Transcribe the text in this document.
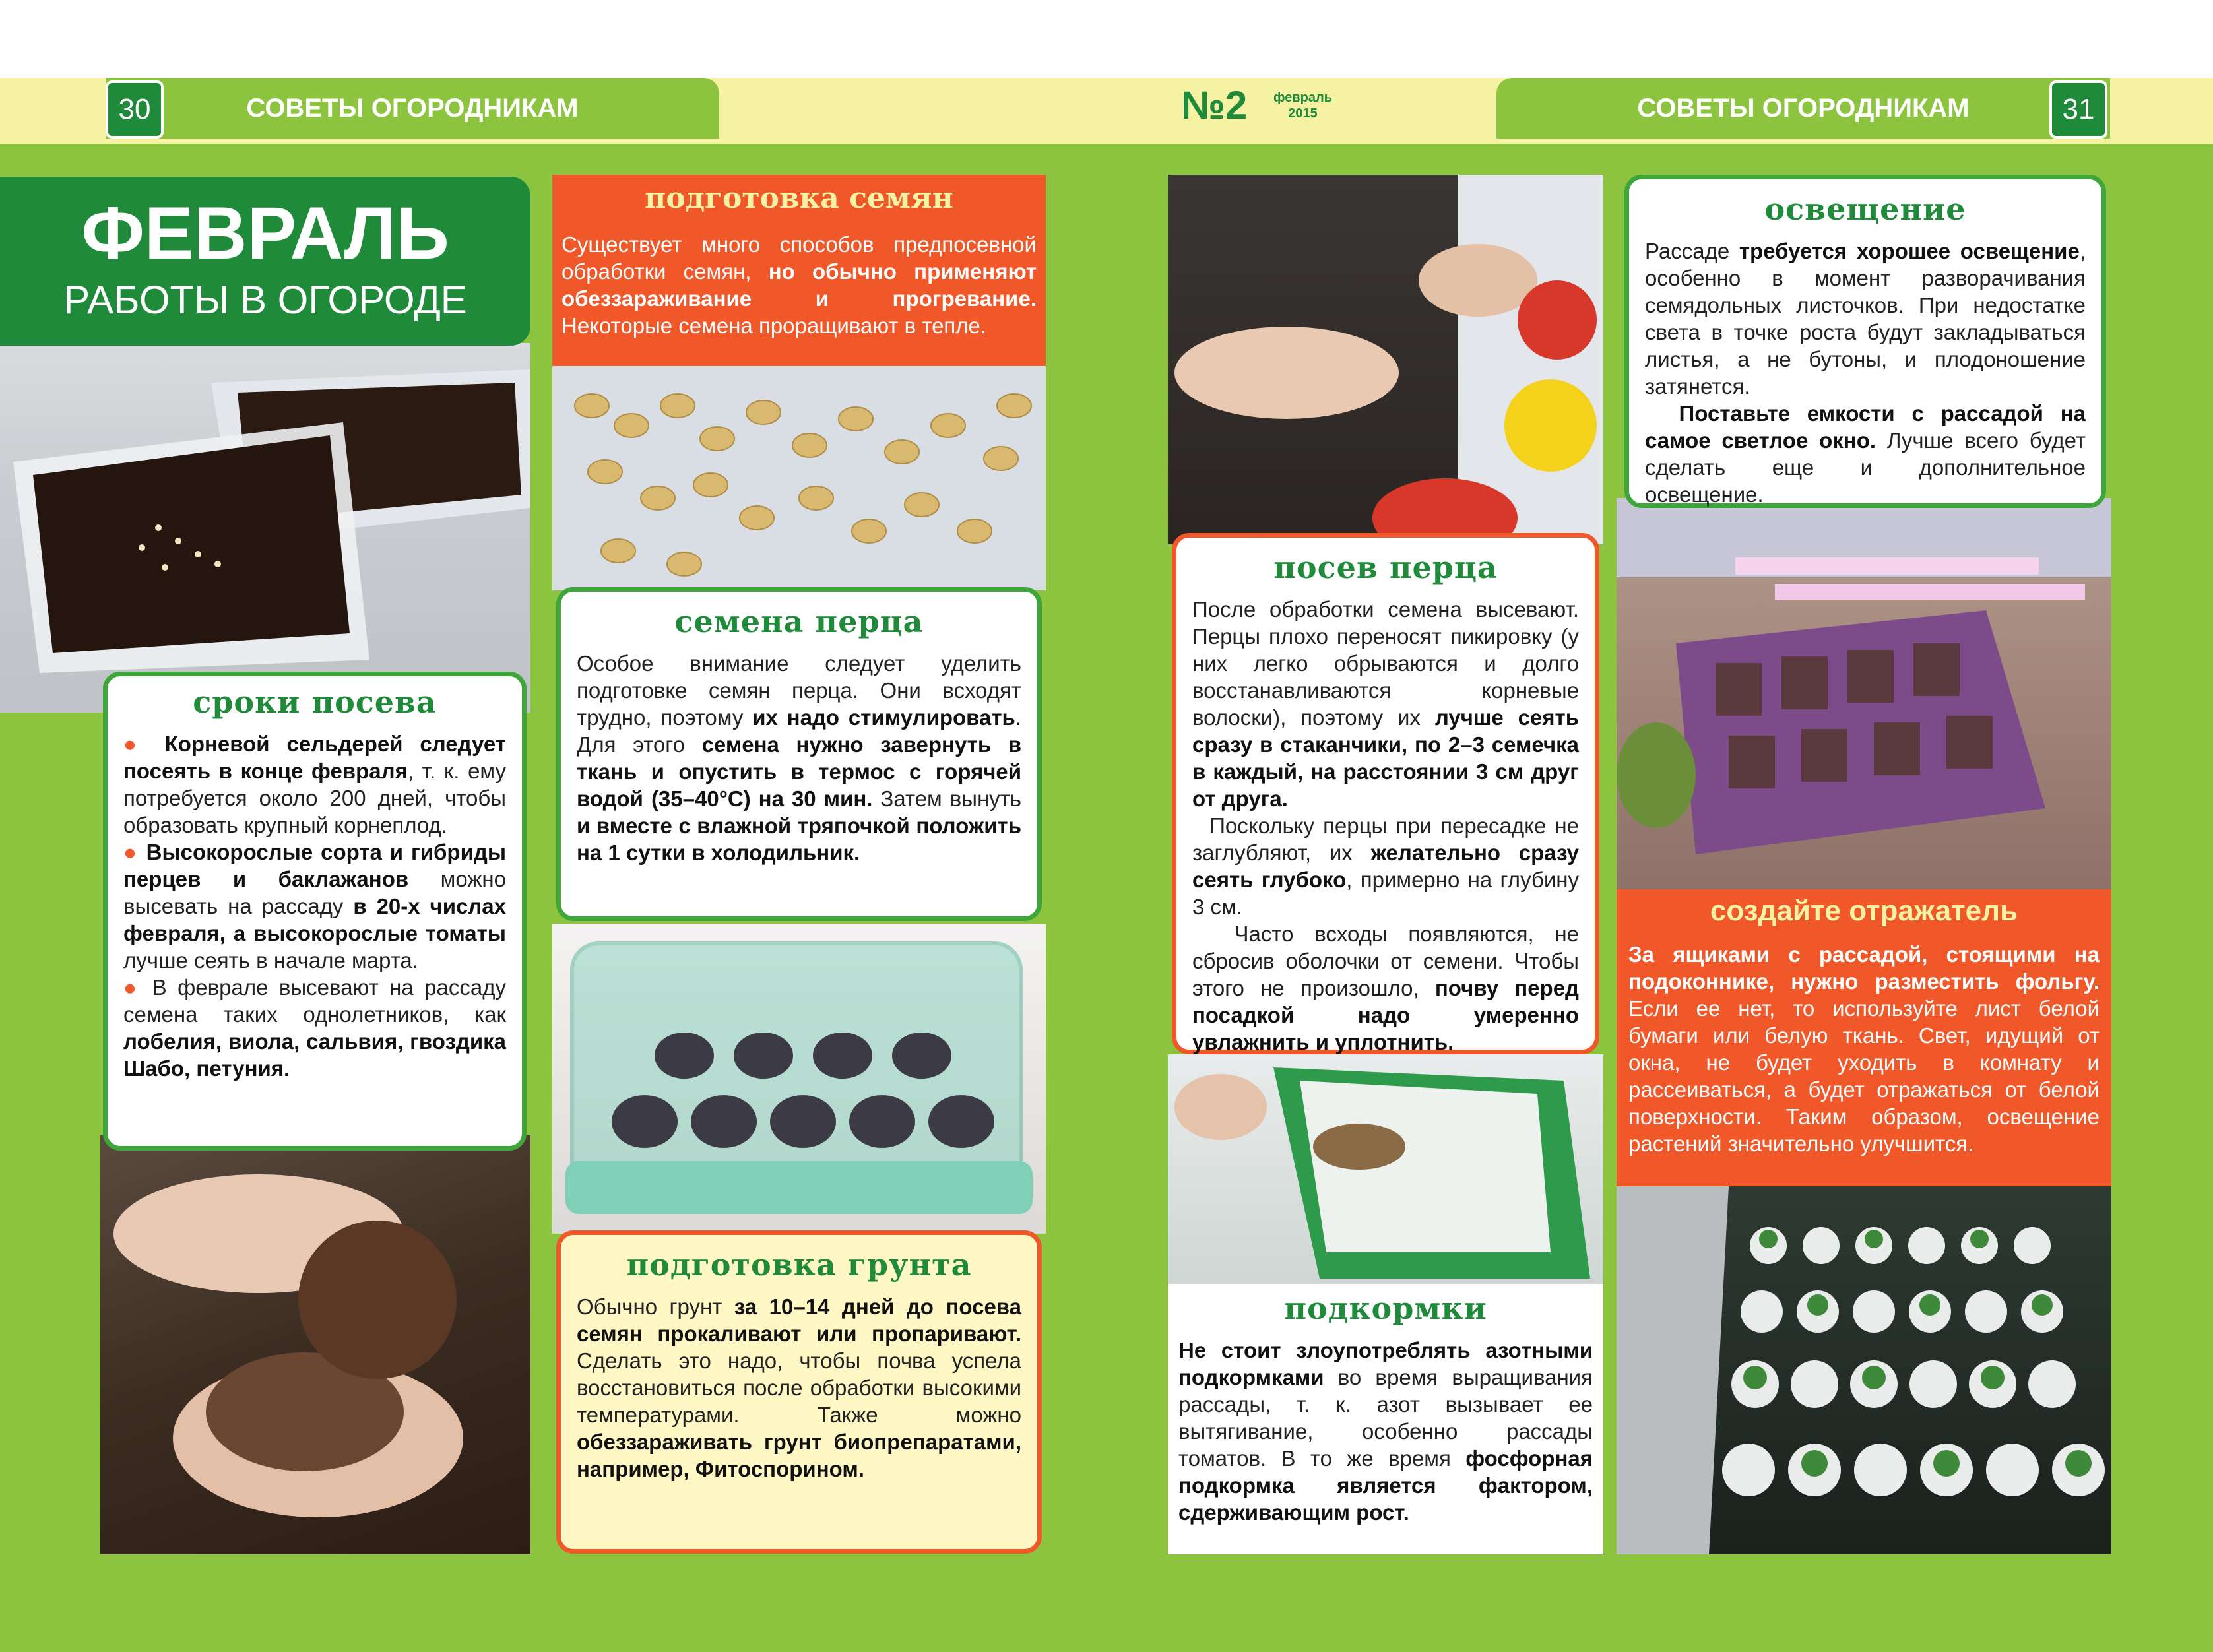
СОВЕТЫ ОГОРОДНИКАМ	СОВЕТЫ ОГОРОДНИКАМ
30	31
№2 февраль
2015
ФЕВРАЛЬ
РАБОТЫ В ОГОРОДЕ
сроки посева
● Корневой сельдерей следует посеять в конце февраля, т. к. ему потребуется около 200 дней, чтобы образовать крупный корнеплод.
● Высокорослые сорта и гибриды перцев и баклажанов можно высевать на рассаду в 20-х числах февраля, а высокорослые томаты лучше сеять в начале марта.
● В феврале высевают на рассаду семена таких однолетников, как лобелия, виола, сальвия, гвоздика Шабо, петуния.
подготовка семян
Существует много способов предпосевной обработки семян, но обычно применяют обеззараживание и прогревание. Некоторые семена проращивают в тепле.
семена перца
Особое внимание следует уделить подготовке семян перца. Они всходят трудно, поэтому их надо стимулировать. Для этого семена нужно завернуть в ткань и опустить в термос с горячей водой (35–40°С) на 30 мин. Затем вынуть и вместе с влажной тряпочкой положить на 1 сутки в холодильник.
подготовка грунта
Обычно грунт за 10–14 дней до посева семян прокаливают или пропаривают. Сделать это надо, чтобы почва успела восстановиться после обработки высокими температурами. Также можно обеззараживать грунт биопрепаратами, например, Фитоспорином.
посев перца
После обработки семена высевают. Перцы плохо переносят пикировку (у них легко обрываются и долго восстанавливаются корневые волоски), поэтому их лучше сеять сразу в стаканчики, по 2–3 семечка в каждый, на расстоянии 3 см друг от друга.
Поскольку перцы при пересадке не заглубляют, их желательно сразу сеять глубоко, примерно на глубину 3 см.
Часто всходы появляются, не сбросив оболочки от семени. Чтобы этого не произошло, почву перед посадкой надо умеренно увлажнить и уплотнить.
подкормки
Не стоит злоупотреблять азотными подкормками во время выращивания рассады, т. к. азот вызывает ее вытягивание, особенно рассады томатов. В то же время фосфорная подкормка является фактором, сдерживающим рост.
освещение
Рассаде требуется хорошее освещение, особенно в момент разворачивания семядольных листочков. При недостатке света в точке роста будут закладываться листья, а не бутоны, и плодоношение затянется.
Поставьте емкости с рассадой на самое светлое окно. Лучше всего будет сделать еще и дополнительное освещение.
создайте отражатель
За ящиками с рассадой, стоящими на подоконнике, нужно разместить фольгу. Если ее нет, то используйте лист белой бумаги или белую ткань. Свет, идущий от окна, не будет уходить в комнату и рассеиваться, а будет отражаться от белой поверхности. Таким образом, освещение растений значительно улучшится.
